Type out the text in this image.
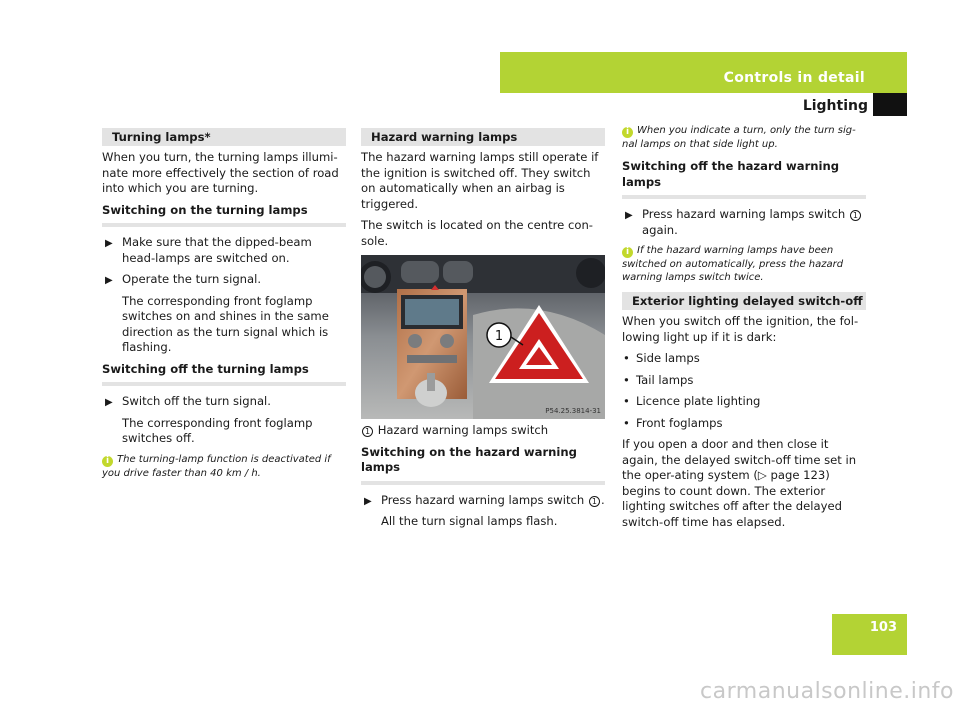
Controls in detail
Lighting
Turning lamps*

When you turn, the turning lamps illumi-nate more effectively the section of road into which you are turning.

Switching on the turning lamps
▶ Make sure that the dipped-beam head-lamps are switched on.
▶ Operate the turn signal.
The corresponding front foglamp switches on and shines in the same direction as the turn signal which is flashing.
Switching off the turning lamps
▶ Switch off the turn signal.
The corresponding front foglamp switches off.
i The turning-lamp function is deactivated if you drive faster than 40 km / h.
Hazard warning lamps

The hazard warning lamps still operate if the ignition is switched off. They switch on automatically when an airbag is triggered.

The switch is located on the centre con-sole.

1
P54.25.3814-31
1 Hazard warning lamps switch
Switching on the hazard warning lamps
▶ Press hazard warning lamps switch 1 .
All the turn signal lamps flash.
i When you indicate a turn, only the turn sig-nal lamps on that side light up.
Switching off the hazard warning lamps
▶ Press hazard warning lamps switch 1
again.
i If the hazard warning lamps have been switched on automatically, press the hazard warning lamps switch twice.
Exterior lighting delayed switch-off

When you switch off the ignition, the fol-lowing light up if it is dark:

• Side lamps
• Tail lamps
• Licence plate lighting
• Front foglamps

If you open a door and then close it again, the delayed switch-off time set in the oper-ating system (▷ page 123) begins to count down. The exterior lighting switches off after the delayed switch-off time has elapsed.

103
carmanualsonline.info
